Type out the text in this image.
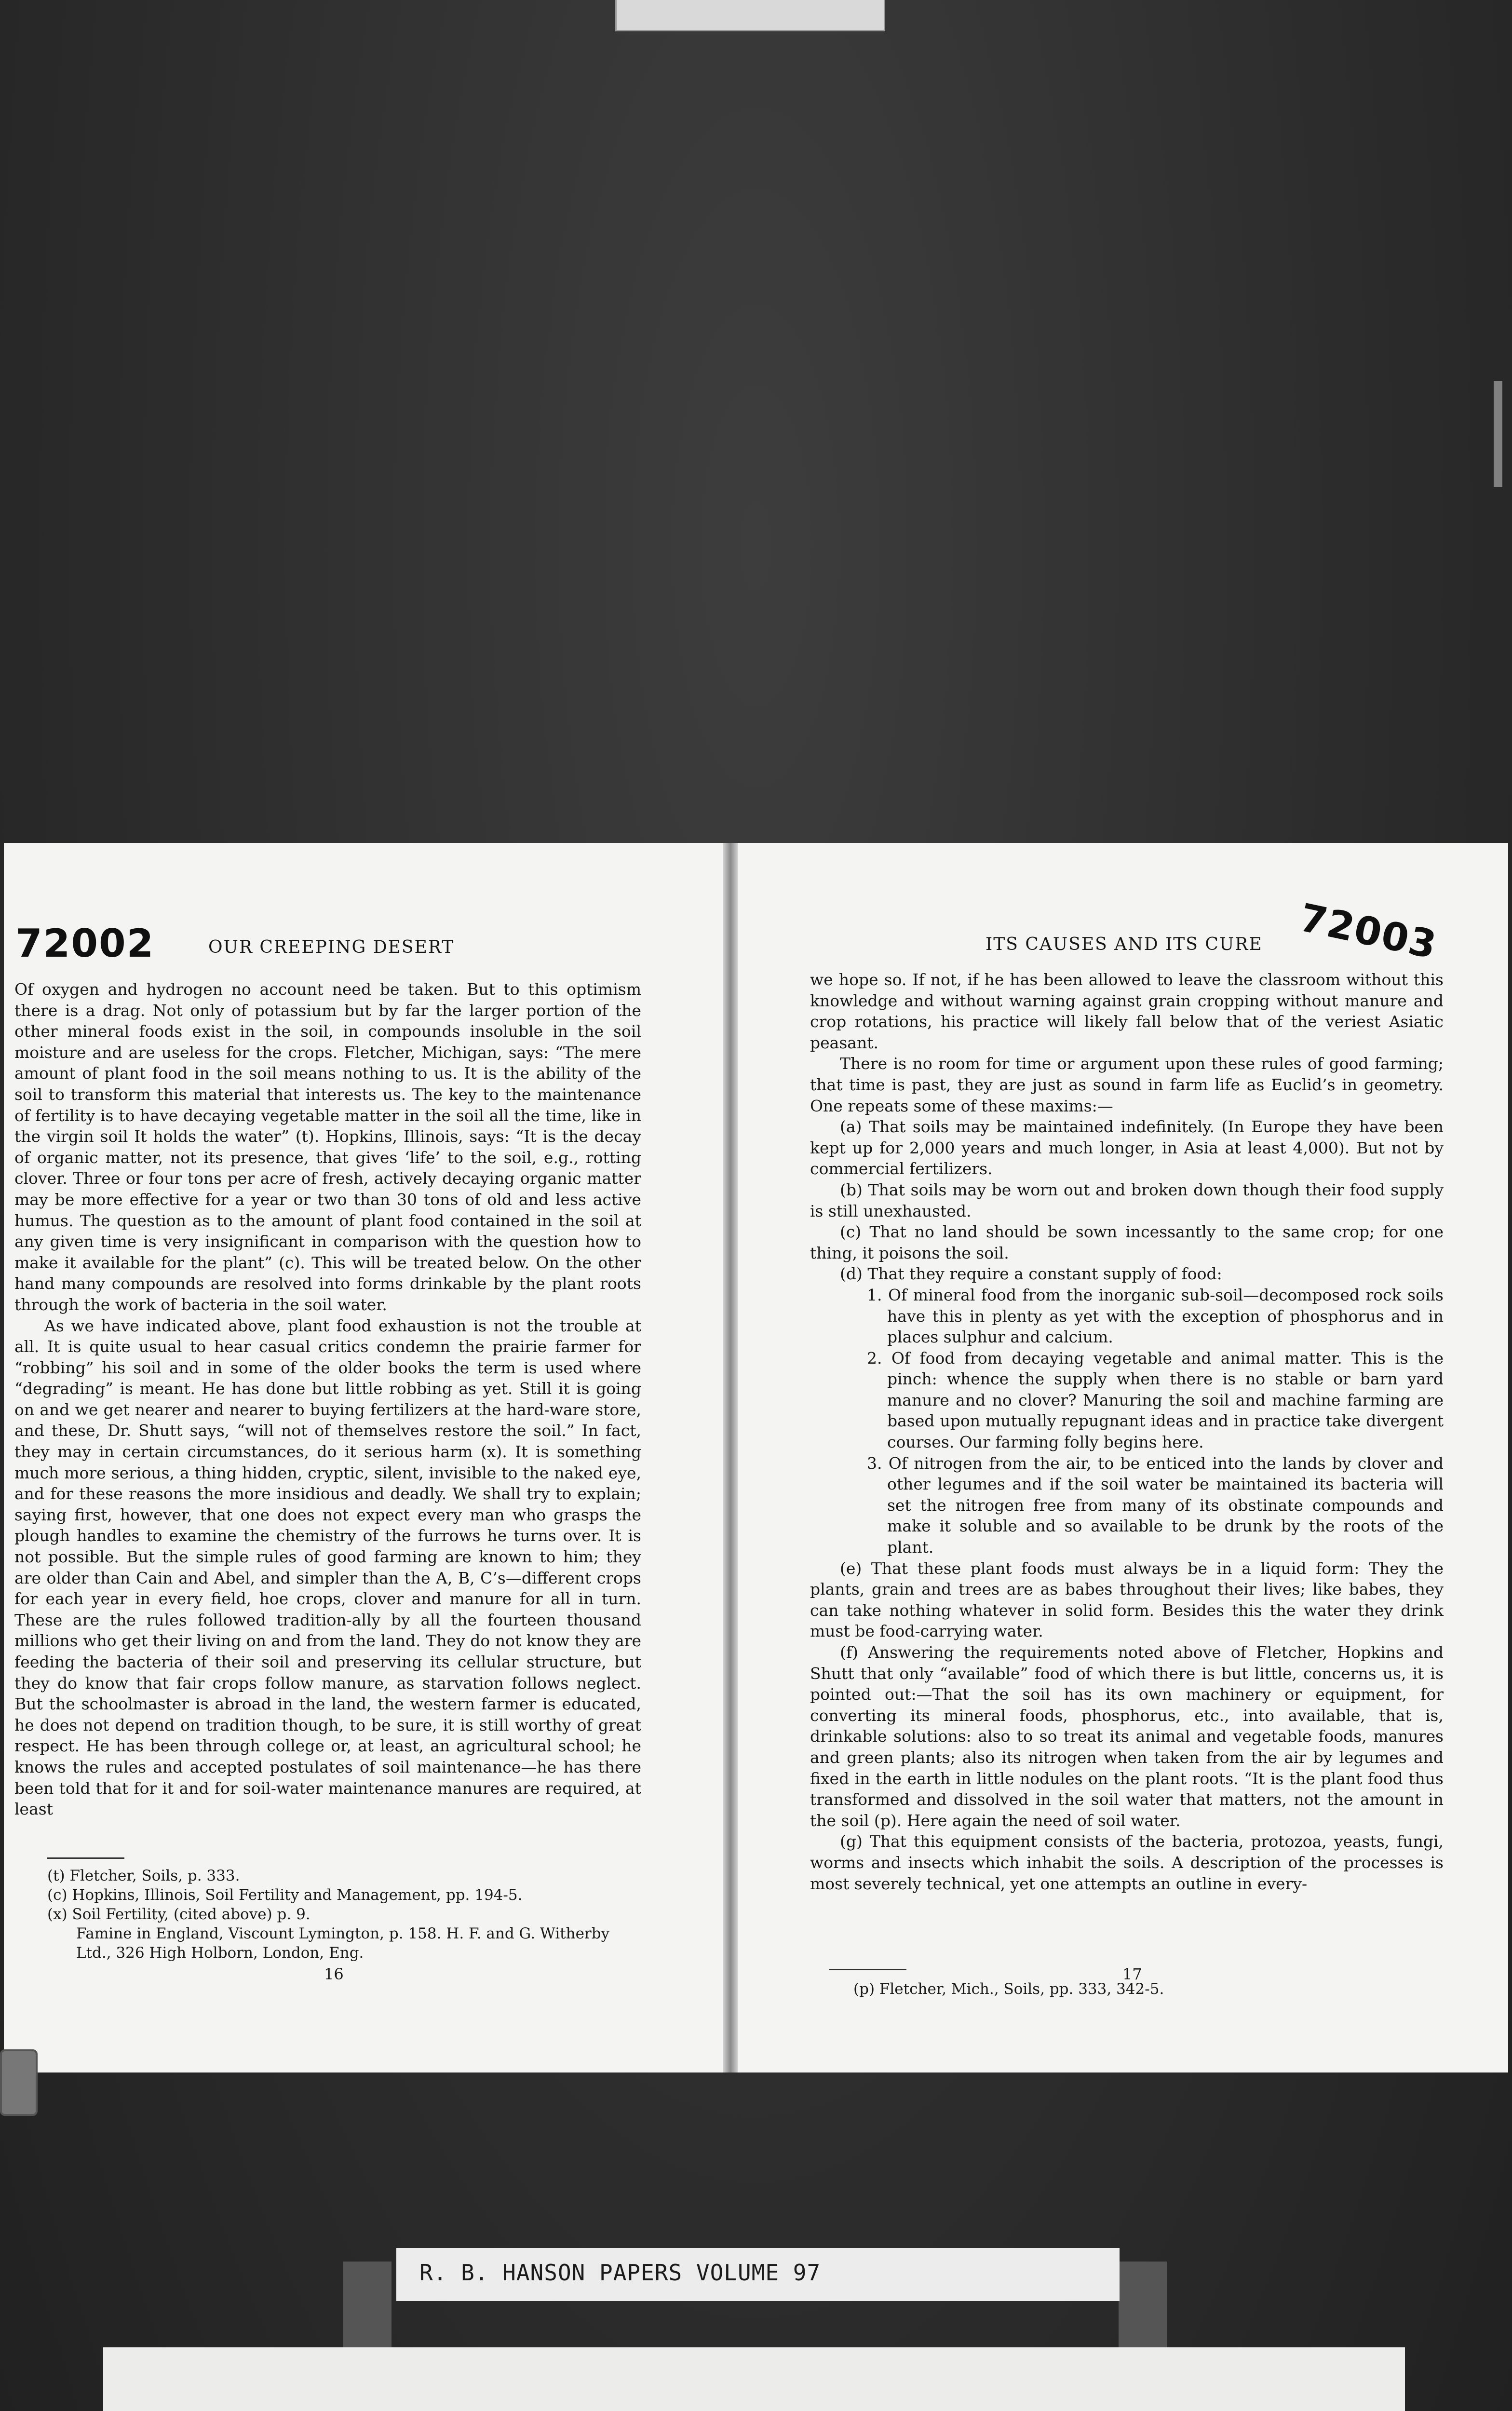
72002	OUR CREEPING DESERT	72003
ITS CAUSES AND ITS CURE

Of oxygen and hydrogen no account need be taken. But to this optimism there is a drag. Not only of potassium but by far the larger portion of the other mineral foods exist in the soil, in compounds insoluble in the soil moisture and are useless for the crops. Fletcher, Michigan, says: “The mere amount of plant food in the soil means nothing to us. It is the ability of the soil to transform this material that interests us. The key to the maintenance of fertility is to have decaying vegetable matter in the soil all the time, like in the virgin soil It holds the water” (t). Hopkins, Illinois, says: “It is the decay of organic matter, not its presence, that gives ‘life’ to the soil, e.g., rotting clover. Three or four tons per acre of fresh, actively decaying organic matter may be more effective for a year or two than 30 tons of old and less active humus. The question as to the amount of plant food contained in the soil at any given time is very insignificant in comparison with the question how to make it available for the plant” (c). This will be treated below. On the other hand many compounds are resolved into forms drinkable by the plant roots through the work of bacteria in the soil water.

As we have indicated above, plant food exhaustion is not the trouble at all. It is quite usual to hear casual critics condemn the prairie farmer for “robbing” his soil and in some of the older books the term is used where “degrading” is meant. He has done but little robbing as yet. Still it is going on and we get nearer and nearer to buying fertilizers at the hard-ware store, and these, Dr. Shutt says, “will not of themselves restore the soil.” In fact, they may in certain circumstances, do it serious harm (x). It is something much more serious, a thing hidden, cryptic, silent, invisible to the naked eye, and for these reasons the more insidious and deadly. We shall try to explain; saying first, however, that one does not expect every man who grasps the plough handles to examine the chemistry of the furrows he turns over. It is not possible. But the simple rules of good farming are known to him; they are older than Cain and Abel, and simpler than the A, B, C’s—different crops for each year in every field, hoe crops, clover and manure for all in turn. These are the rules followed tradition-ally by all the fourteen thousand millions who get their living on and from the land. They do not know they are feeding the bacteria of their soil and preserving its cellular structure, but they do know that fair crops follow manure, as starvation follows neglect. But the schoolmaster is abroad in the land, the western farmer is educated, he does not depend on tradition though, to be sure, it is still worthy of great respect. He has been through college or, at least, an agricultural school; he knows the rules and accepted postulates of soil maintenance—he has there been told that for it and for soil-water maintenance manures are required, at least

(t) Fletcher, Soils, p. 333.

(c) Hopkins, Illinois, Soil Fertility and Management, pp. 194-5.

(x) Soil Fertility, (cited above) p. 9.

Famine in England, Viscount Lymington, p. 158. H. F. and G. Witherby Ltd., 326 High Holborn, London, Eng.

16

we hope so. If not, if he has been allowed to leave the classroom without this knowledge and without warning against grain cropping without manure and crop rotations, his practice will likely fall below that of the veriest Asiatic peasant.

There is no room for time or argument upon these rules of good farming; that time is past, they are just as sound in farm life as Euclid’s in geometry. One repeats some of these maxims:—

(a) That soils may be maintained indefinitely. (In Europe they have been kept up for 2,000 years and much longer, in Asia at least 4,000). But not by commercial fertilizers.

(b) That soils may be worn out and broken down though their food supply is still unexhausted.

(c) That no land should be sown incessantly to the same crop; for one thing, it poisons the soil.

(d) That they require a constant supply of food:

1. Of mineral food from the inorganic sub-soil—decomposed rock soils have this in plenty as yet with the exception of phosphorus and in places sulphur and calcium.

2. Of food from decaying vegetable and animal matter. This is the pinch: whence the supply when there is no stable or barn yard manure and no clover? Manuring the soil and machine farming are based upon mutually repugnant ideas and in practice take divergent courses. Our farming folly begins here.

3. Of nitrogen from the air, to be enticed into the lands by clover and other legumes and if the soil water be maintained its bacteria will set the nitrogen free from many of its obstinate compounds and make it soluble and so available to be drunk by the roots of the plant.

(e) That these plant foods must always be in a liquid form: They the plants, grain and trees are as babes throughout their lives; like babes, they can take nothing whatever in solid form. Besides this the water they drink must be food-carrying water.

(f) Answering the requirements noted above of Fletcher, Hopkins and Shutt that only “available” food of which there is but little, concerns us, it is pointed out:—That the soil has its own machinery or equipment, for converting its mineral foods, phosphorus, etc., into available, that is, drinkable solutions: also to so treat its animal and vegetable foods, manures and green plants; also its nitrogen when taken from the air by legumes and fixed in the earth in little nodules on the plant roots. “It is the plant food thus transformed and dissolved in the soil water that matters, not the amount in the soil (p). Here again the need of soil water.

(g) That this equipment consists of the bacteria, protozoa, yeasts, fungi, worms and insects which inhabit the soils. A description of the processes is most severely technical, yet one attempts an outline in every-

(p) Fletcher, Mich., Soils, pp. 333, 342-5.

17
R. B. HANSON PAPERS VOLUME 97
